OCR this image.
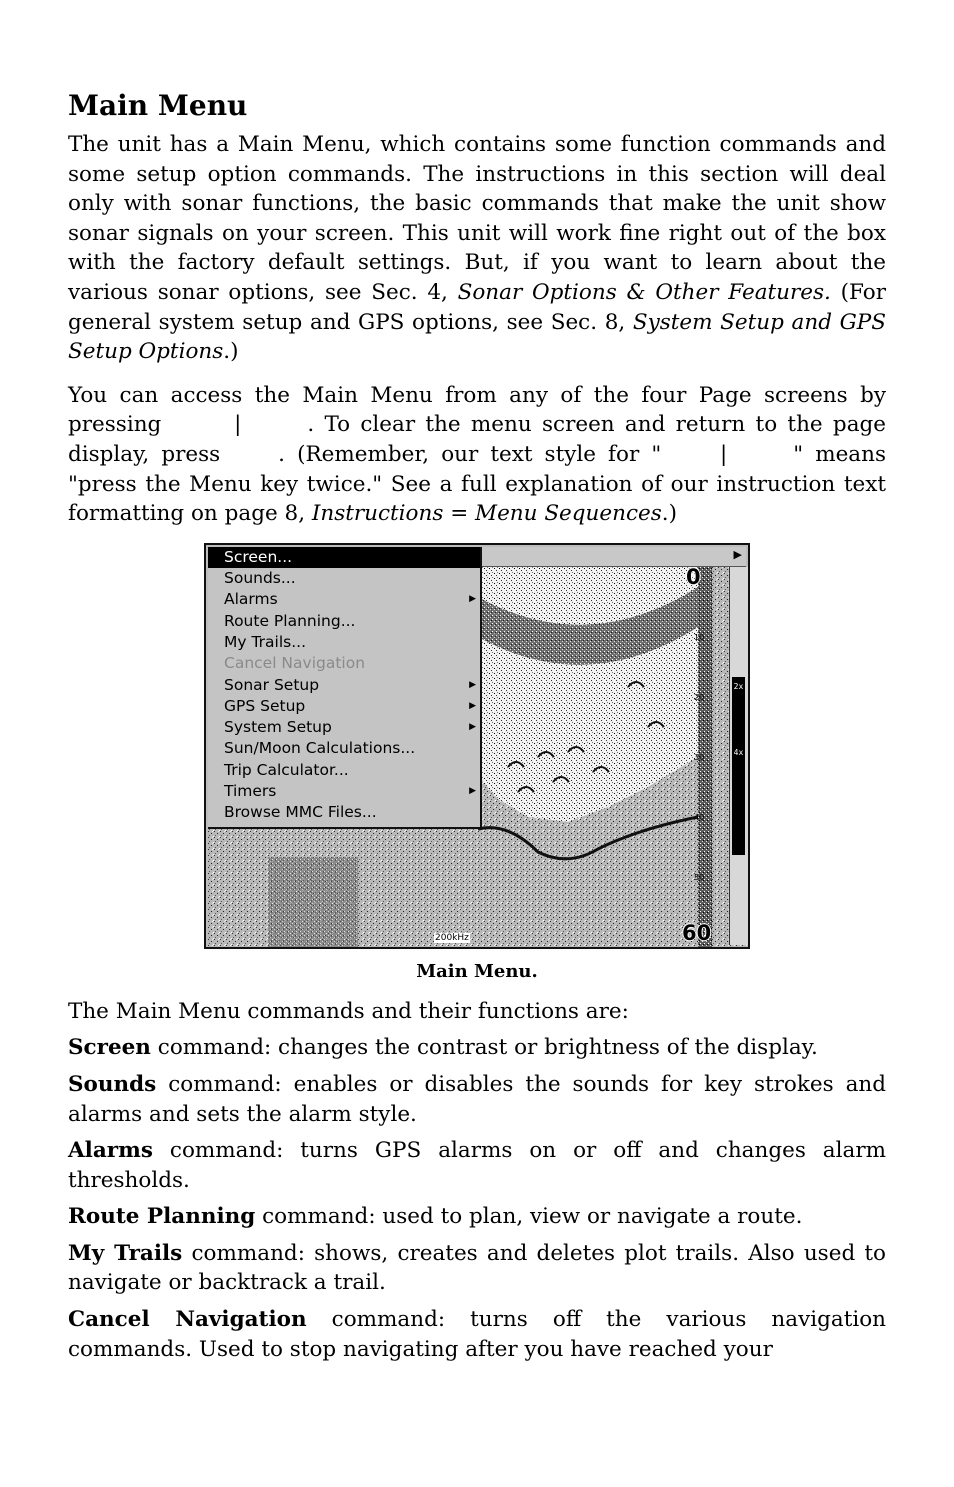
Main Menu

The unit has a Main Menu, which contains some function commands and some setup option commands. The instructions in this section will deal only with sonar functions, the basic commands that make the unit show sonar signals on your screen. This unit will work fine right out of the box with the factory default settings. But, if you want to learn about the various sonar options, see Sec. 4, Sonar Options & Other Features. (For general system setup and GPS options, see Sec. 8, System Setup and GPS Setup Options.)

You can access the Main Menu from any of the four Page screens by pressing	|	. To clear the menu screen and return to the page display, press	. (Remember, our text style for "	|	" means "press the Menu key twice." See a full explanation of our instruction text formatting on page 8, Instructions = Menu Sequences.)

▶
2x
4x
0
10
20
30
40
50
60
200kHz
Screen...
Sounds...
Alarms	▶
Route Planning...
My Trails...
Cancel Navigation
Sonar Setup	▶
GPS Setup	▶
System Setup	▶
Sun/Moon Calculations...
Trip Calculator...
Timers	▶
Browse MMC Files...
Main Menu.

The Main Menu commands and their functions are:

Screen command: changes the contrast or brightness of the display.

Sounds command: enables or disables the sounds for key strokes and alarms and sets the alarm style.

Alarms command: turns GPS alarms on or off and changes alarm thresholds.

Route Planning command: used to plan, view or navigate a route.

My Trails command: shows, creates and deletes plot trails. Also used to navigate or backtrack a trail.

Cancel Navigation command: turns off the various navigation commands. Used to stop navigating after you have reached your
